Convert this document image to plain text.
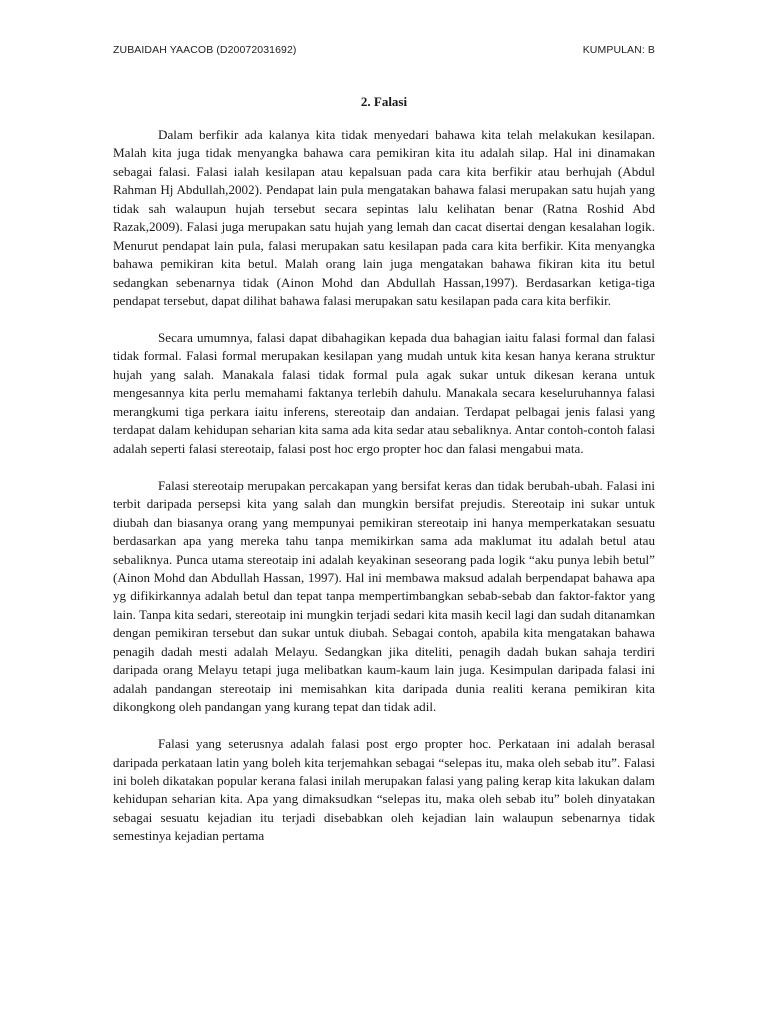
ZUBAIDAH YAACOB (D20072031692)	KUMPULAN: B
2. Falasi

Dalam berfikir ada kalanya kita tidak menyedari bahawa kita telah melakukan kesilapan. Malah kita juga tidak menyangka bahawa cara pemikiran kita itu adalah silap. Hal ini dinamakan sebagai falasi. Falasi ialah kesilapan atau kepalsuan pada cara kita berfikir atau berhujah (Abdul Rahman Hj Abdullah,2002). Pendapat lain pula mengatakan bahawa falasi merupakan satu hujah yang tidak sah walaupun hujah tersebut secara sepintas lalu kelihatan benar (Ratna Roshid Abd Razak,2009). Falasi juga merupakan satu hujah yang lemah dan cacat disertai dengan kesalahan logik. Menurut pendapat lain pula, falasi merupakan satu kesilapan pada cara kita berfikir. Kita menyangka bahawa pemikiran kita betul. Malah orang lain juga mengatakan bahawa fikiran kita itu betul sedangkan sebenarnya tidak (Ainon Mohd dan Abdullah Hassan,1997). Berdasarkan ketiga-tiga pendapat tersebut, dapat dilihat bahawa falasi merupakan satu kesilapan pada cara kita berfikir.

Secara umumnya, falasi dapat dibahagikan kepada dua bahagian iaitu falasi formal dan falasi tidak formal. Falasi formal merupakan kesilapan yang mudah untuk kita kesan hanya kerana struktur hujah yang salah. Manakala falasi tidak formal pula agak sukar untuk dikesan kerana untuk mengesannya kita perlu memahami faktanya terlebih dahulu. Manakala secara keseluruhannya falasi merangkumi tiga perkara iaitu inferens, stereotaip dan andaian. Terdapat pelbagai jenis falasi yang terdapat dalam kehidupan seharian kita sama ada kita sedar atau sebaliknya. Antar contoh-contoh falasi adalah seperti falasi stereotaip, falasi post hoc ergo propter hoc dan falasi mengabui mata.

Falasi stereotaip merupakan percakapan yang bersifat keras dan tidak berubah-ubah. Falasi ini terbit daripada persepsi kita yang salah dan mungkin bersifat prejudis. Stereotaip ini sukar untuk diubah dan biasanya orang yang mempunyai pemikiran stereotaip ini hanya memperkatakan sesuatu berdasarkan apa yang mereka tahu tanpa memikirkan sama ada maklumat itu adalah betul atau sebaliknya. Punca utama stereotaip ini adalah keyakinan seseorang pada logik “aku punya lebih betul” (Ainon Mohd dan Abdullah Hassan, 1997). Hal ini membawa maksud adalah berpendapat bahawa apa yg difikirkannya adalah betul dan tepat tanpa mempertimbangkan sebab-sebab dan faktor-faktor yang lain. Tanpa kita sedari, stereotaip ini mungkin terjadi sedari kita masih kecil lagi dan sudah ditanamkan dengan pemikiran tersebut dan sukar untuk diubah. Sebagai contoh, apabila kita mengatakan bahawa penagih dadah mesti adalah Melayu. Sedangkan jika diteliti, penagih dadah bukan sahaja terdiri daripada orang Melayu tetapi juga melibatkan kaum-kaum lain juga. Kesimpulan daripada falasi ini adalah pandangan stereotaip ini memisahkan kita daripada dunia realiti kerana pemikiran kita dikongkong oleh pandangan yang kurang tepat dan tidak adil.

Falasi yang seterusnya adalah falasi post ergo propter hoc. Perkataan ini adalah berasal daripada perkataan latin yang boleh kita terjemahkan sebagai “selepas itu, maka oleh sebab itu”. Falasi ini boleh dikatakan popular kerana falasi inilah merupakan falasi yang paling kerap kita lakukan dalam kehidupan seharian kita. Apa yang dimaksudkan “selepas itu, maka oleh sebab itu” boleh dinyatakan sebagai sesuatu kejadian itu terjadi disebabkan oleh kejadian lain walaupun sebenarnya tidak semestinya kejadian pertama
